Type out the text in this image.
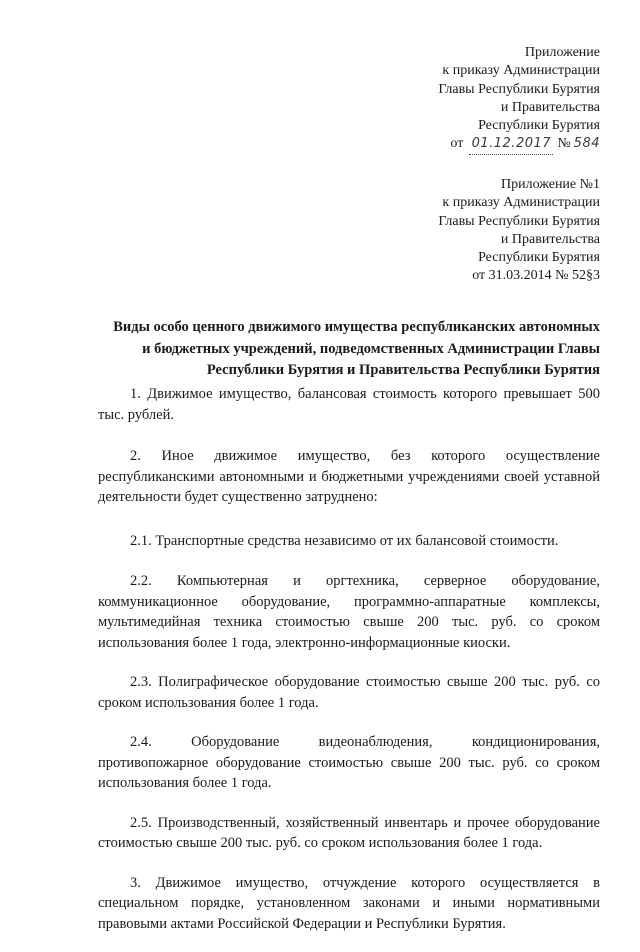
Приложение
к приказу Администрации
Главы Республики Бурятия
и Правительства
Республики Бурятия
от 01.12.2017 № 584
Приложение №1
к приказу Администрации
Главы Республики Бурятия
и Правительства
Республики Бурятия
от 31.03.2014 № 52§3
Виды особо ценного движимого имущества республиканских автономных
и бюджетных учреждений, подведомственных Администрации Главы
Республики Бурятия и Правительства Республики Бурятия

1. Движимое имущество, балансовая стоимость которого превышает 500 тыс. рублей.

2. Иное движимое имущество, без которого осуществление республиканскими автономными и бюджетными учреждениями своей уставной деятельности будет существенно затруднено:

2.1. Транспортные средства независимо от их балансовой стоимости.

2.2. Компьютерная и оргтехника, серверное оборудование, коммуникационное оборудование, программно-аппаратные комплексы, мультимедийная техника стоимостью свыше 200 тыс. руб. со сроком использования более 1 года, электронно-информационные киоски.

2.3. Полиграфическое оборудование стоимостью свыше 200 тыс. руб. со сроком использования более 1 года.

2.4. Оборудование видеонаблюдения, кондиционирования, противопожарное оборудование стоимостью свыше 200 тыс. руб. со сроком использования более 1 года.

2.5. Производственный, хозяйственный инвентарь и прочее оборудование стоимостью свыше 200 тыс. руб. со сроком использования более 1 года.

3. Движимое имущество, отчуждение которого осуществляется в специальном порядке, установленном законами и иными нормативными правовыми актами Российской Федерации и Республики Бурятия.
